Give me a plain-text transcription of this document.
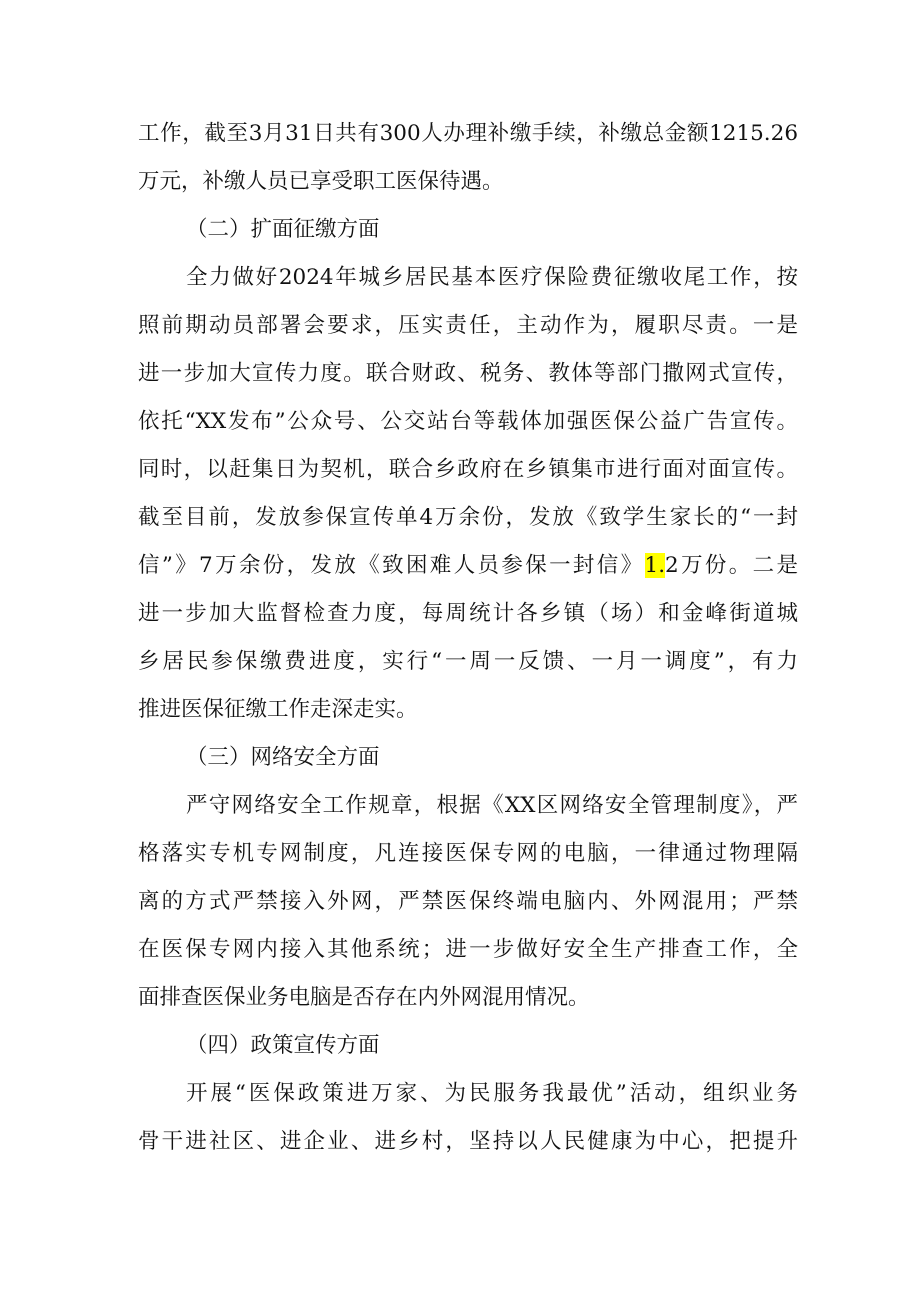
工作，截至3月31日共有300人办理补缴手续，补缴总金额1215.26
万元，补缴人员已享受职工医保待遇。
（二）扩面征缴方面
全力做好2024年城乡居民基本医疗保险费征缴收尾工作，按
照前期动员部署会要求，压实责任，主动作为，履职尽责。一是
进一步加大宣传力度。联合财政、税务、教体等部门撒网式宣传，
依托“XX发布”公众号、公交站台等载体加强医保公益广告宣传。
同时，以赶集日为契机，联合乡政府在乡镇集市进行面对面宣传。
截至目前，发放参保宣传单4万余份，发放《致学生家长的“一封
信”》7万余份，发放《致困难人员参保一封信》1.2万份。二是
进一步加大监督检查力度，每周统计各乡镇（场）和金峰街道城
乡居民参保缴费进度，实行“一周一反馈、一月一调度”，有力
推进医保征缴工作走深走实。
（三）网络安全方面
严守网络安全工作规章，根据《XX区网络安全管理制度》，严
格落实专机专网制度，凡连接医保专网的电脑，一律通过物理隔
离的方式严禁接入外网，严禁医保终端电脑内、外网混用；严禁
在医保专网内接入其他系统；进一步做好安全生产排查工作，全
面排查医保业务电脑是否存在内外网混用情况。
（四）政策宣传方面
开展“医保政策进万家、为民服务我最优”活动，组织业务
骨干进社区、进企业、进乡村，坚持以人民健康为中心，把提升
